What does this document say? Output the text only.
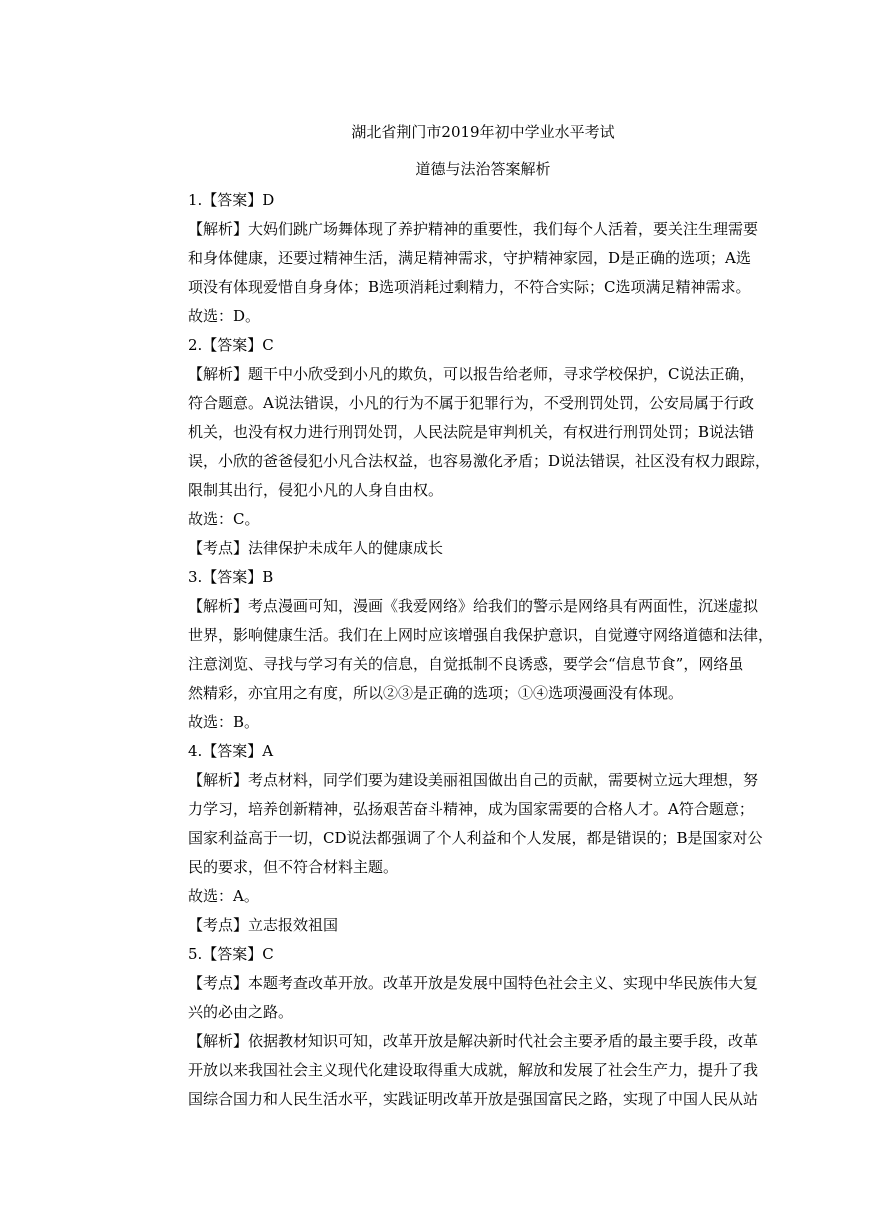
湖北省荆门市2019年初中学业水平考试
道德与法治答案解析

1.【答案】D

【解析】大妈们跳广场舞体现了养护精神的重要性，我们每个人活着，要关注生理需要
和身体健康，还要过精神生活，满足精神需求，守护精神家园，D是正确的选项；A选
项没有体现爱惜自身身体；B选项消耗过剩精力，不符合实际；C选项满足精神需求。

故选：D。

2.【答案】C

【解析】题干中小欣受到小凡的欺负，可以报告给老师，寻求学校保护，C说法正确，
符合题意。A说法错误，小凡的行为不属于犯罪行为，不受刑罚处罚，公安局属于行政
机关，也没有权力进行刑罚处罚，人民法院是审判机关，有权进行刑罚处罚；B说法错
误，小欣的爸爸侵犯小凡合法权益，也容易激化矛盾；D说法错误，社区没有权力跟踪，
限制其出行，侵犯小凡的人身自由权。

故选：C。

【考点】法律保护未成年人的健康成长

3.【答案】B

【解析】考点漫画可知，漫画《我爱网络》给我们的警示是网络具有两面性，沉迷虚拟
世界，影响健康生活。我们在上网时应该增强自我保护意识，自觉遵守网络道德和法律，
注意浏览、寻找与学习有关的信息，自觉抵制不良诱惑，要学会“信息节食”，网络虽
然精彩，亦宜用之有度，所以②③是正确的选项；①④选项漫画没有体现。

故选：B。

4.【答案】A

【解析】考点材料，同学们要为建设美丽祖国做出自己的贡献，需要树立远大理想，努
力学习，培养创新精神，弘扬艰苦奋斗精神，成为国家需要的合格人才。A符合题意；
国家利益高于一切，CD说法都强调了个人利益和个人发展，都是错误的；B是国家对公
民的要求，但不符合材料主题。

故选：A。

【考点】立志报效祖国

5.【答案】C

【考点】本题考查改革开放。改革开放是发展中国特色社会主义、实现中华民族伟大复
兴的必由之路。
【解析】依据教材知识可知，改革开放是解决新时代社会主要矛盾的最主要手段，改革
开放以来我国社会主义现代化建设取得重大成就，解放和发展了社会生产力，提升了我
国综合国力和人民生活水平，实践证明改革开放是强国富民之路，实现了中国人民从站
